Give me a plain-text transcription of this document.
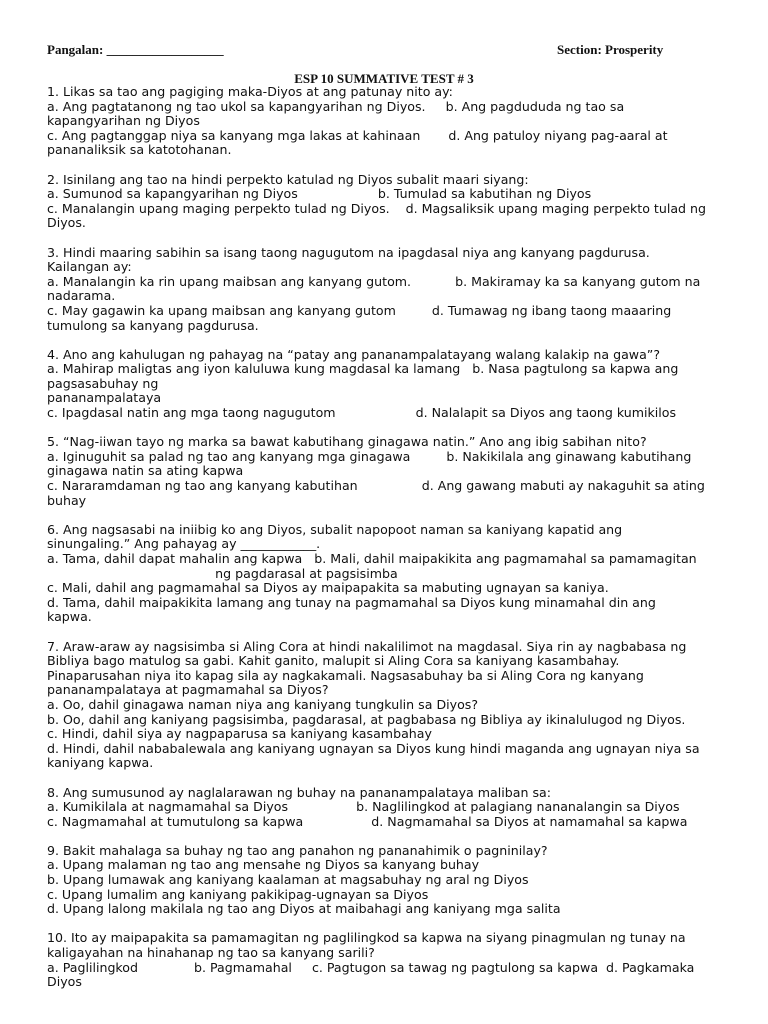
Pangalan: __________________	Section: Prosperity
ESP 10 SUMMATIVE TEST # 3
1. Likas sa tao ang pagiging maka-Diyos at ang patunay nito ay:
a. Ang pagtatanong ng tao ukol sa kapangyarihan ng Diyos.     b. Ang pagdududa ng tao sa
kapangyarihan ng Diyos
c. Ang pagtanggap niya sa kanyang mga lakas at kahinaan       d. Ang patuloy niyang pag-aaral at
pananaliksik sa katotohanan.
2. Isinilang ang tao na hindi perpekto katulad ng Diyos subalit maari siyang:
a. Sumunod sa kapangyarihan ng Diyos                    b. Tumulad sa kabutihan ng Diyos
c. Manalangin upang maging perpekto tulad ng Diyos.    d. Magsaliksik upang maging perpekto tulad ng
Diyos.
3. Hindi maaring sabihin sa isang taong nagugutom na ipagdasal niya ang kanyang pagdurusa.
Kailangan ay:
a. Manalangin ka rin upang maibsan ang kanyang gutom.           b. Makiramay ka sa kanyang gutom na
nadarama.
c. May gagawin ka upang maibsan ang kanyang gutom         d. Tumawag ng ibang taong maaaring
tumulong sa kanyang pagdurusa.
4. Ano ang kahulugan ng pahayag na “patay ang pananampalatayang walang kalakip na gawa”?
a. Mahirap maligtas ang iyon kaluluwa kung magdasal ka lamang   b. Nasa pagtulong sa kapwa ang
pagsasabuhay ng
pananampalataya
c. Ipagdasal natin ang mga taong nagugutom                    d. Nalalapit sa Diyos ang taong kumikilos
5. “Nag-iiwan tayo ng marka sa bawat kabutihang ginagawa natin.” Ano ang ibig sabihan nito?
a. Iginuguhit sa palad ng tao ang kanyang mga ginagawa         b. Nakikilala ang ginawang kabutihang
ginagawa natin sa ating kapwa
c. Nararamdaman ng tao ang kanyang kabutihan                d. Ang gawang mabuti ay nakaguhit sa ating
buhay
6. Ang nagsasabi na iniibig ko ang Diyos, subalit napopoot naman sa kaniyang kapatid ang
sinungaling.” Ang pahayag ay ____________.
a. Tama, dahil dapat mahalin ang kapwa   b. Mali, dahil maipakikita ang pagmamahal sa pamamagitan
ng pagdarasal at pagsisimba
c. Mali, dahil ang pagmamahal sa Diyos ay maipapakita sa mabuting ugnayan sa kaniya.
d. Tama, dahil maipakikita lamang ang tunay na pagmamahal sa Diyos kung minamahal din ang
kapwa.
7. Araw-araw ay nagsisimba si Aling Cora at hindi nakalilimot na magdasal. Siya rin ay nagbabasa ng
Bibliya bago matulog sa gabi. Kahit ganito, malupit si Aling Cora sa kaniyang kasambahay.
Pinaparusahan niya ito kapag sila ay nagkakamali. Nagsasabuhay ba si Aling Cora ng kanyang
pananampalataya at pagmamahal sa Diyos?
a. Oo, dahil ginagawa naman niya ang kaniyang tungkulin sa Diyos?
b. Oo, dahil ang kaniyang pagsisimba, pagdarasal, at pagbabasa ng Bibliya ay ikinalulugod ng Diyos.
c. Hindi, dahil siya ay nagpaparusa sa kaniyang kasambahay
d. Hindi, dahil nababalewala ang kaniyang ugnayan sa Diyos kung hindi maganda ang ugnayan niya sa
kaniyang kapwa.
8. Ang sumusunod ay naglalarawan ng buhay na pananampalataya maliban sa:
a. Kumikilala at nagmamahal sa Diyos                 b. Naglilingkod at palagiang nananalangin sa Diyos
c. Nagmamahal at tumutulong sa kapwa                 d. Nagmamahal sa Diyos at namamahal sa kapwa
9. Bakit mahalaga sa buhay ng tao ang panahon ng pananahimik o pagninilay?
a. Upang malaman ng tao ang mensahe ng Diyos sa kanyang buhay
b. Upang lumawak ang kaniyang kaalaman at magsabuhay ng aral ng Diyos
c. Upang lumalim ang kaniyang pakikipag-ugnayan sa Diyos
d. Upang lalong makilala ng tao ang Diyos at maibahagi ang kaniyang mga salita
10. Ito ay maipapakita sa pamamagitan ng paglilingkod sa kapwa na siyang pinagmulan ng tunay na
kaligayahan na hinahanap ng tao sa kanyang sarili?
a. Paglilingkod              b. Pagmamahal     c. Pagtugon sa tawag ng pagtulong sa kapwa  d. Pagkamaka
Diyos
